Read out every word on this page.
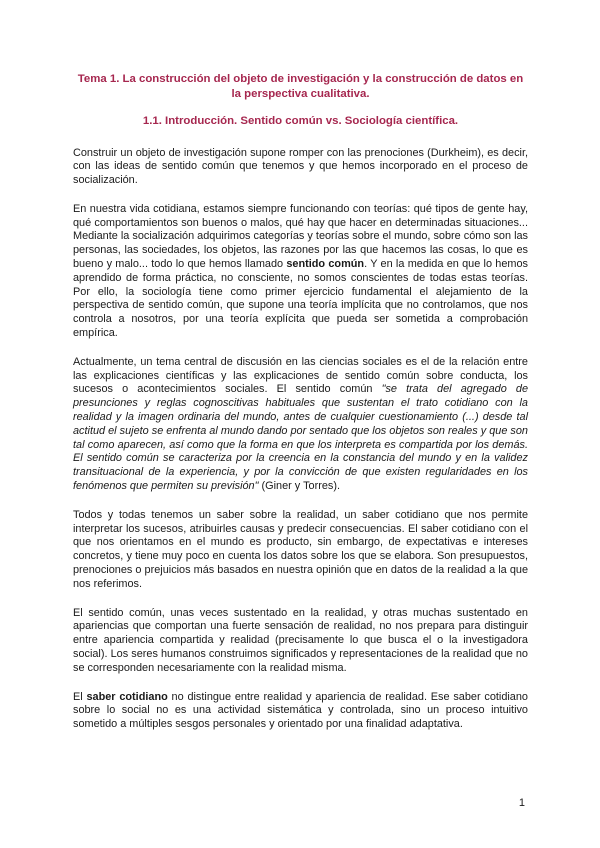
Tema 1. La construcción del objeto de investigación y la construcción de datos en la perspectiva cualitativa.
1.1. Introducción. Sentido común vs. Sociología científica.

Construir un objeto de investigación supone romper con las prenociones (Durkheim), es decir, con las ideas de sentido común que tenemos y que hemos incorporado en el proceso de socialización.

En nuestra vida cotidiana, estamos siempre funcionando con teorías: qué tipos de gente hay, qué comportamientos son buenos o malos, qué hay que hacer en determinadas situaciones... Mediante la socialización adquirimos categorías y teorías sobre el mundo, sobre cómo son las personas, las sociedades, los objetos, las razones por las que hacemos las cosas, lo que es bueno y malo... todo lo que hemos llamado sentido común. Y en la medida en que lo hemos aprendido de forma práctica, no consciente, no somos conscientes de todas estas teorías. Por ello, la sociología tiene como primer ejercicio fundamental el alejamiento de la perspectiva de sentido común, que supone una teoría implícita que no controlamos, que nos controla a nosotros, por una teoría explícita que pueda ser sometida a comprobación empírica.

Actualmente, un tema central de discusión en las ciencias sociales es el de la relación entre las explicaciones científicas y las explicaciones de sentido común sobre conducta, los sucesos o acontecimientos sociales. El sentido común "se trata del agregado de presunciones y reglas cognoscitivas habituales que sustentan el trato cotidiano con la realidad y la imagen ordinaria del mundo, antes de cualquier cuestionamiento (...) desde tal actitud el sujeto se enfrenta al mundo dando por sentado que los objetos son reales y que son tal como aparecen, así como que la forma en que los interpreta es compartida por los demás. El sentido común se caracteriza por la creencia en la constancia del mundo y en la validez transituacional de la experiencia, y por la convicción de que existen regularidades en los fenómenos que permiten su previsión" (Giner y Torres).

Todos y todas tenemos un saber sobre la realidad, un saber cotidiano que nos permite interpretar los sucesos, atribuirles causas y predecir consecuencias. El saber cotidiano con el que nos orientamos en el mundo es producto, sin embargo, de expectativas e intereses concretos, y tiene muy poco en cuenta los datos sobre los que se elabora. Son presupuestos, prenociones o prejuicios más basados en nuestra opinión que en datos de la realidad a la que nos referimos.

El sentido común, unas veces sustentado en la realidad, y otras muchas sustentado en apariencias que comportan una fuerte sensación de realidad, no nos prepara para distinguir entre apariencia compartida y realidad (precisamente lo que busca el o la investigadora social). Los seres humanos construimos significados y representaciones de la realidad que no se corresponden necesariamente con la realidad misma.

El saber cotidiano no distingue entre realidad y apariencia de realidad. Ese saber cotidiano sobre lo social no es una actividad sistemática y controlada, sino un proceso intuitivo sometido a múltiples sesgos personales y orientado por una finalidad adaptativa.

1
